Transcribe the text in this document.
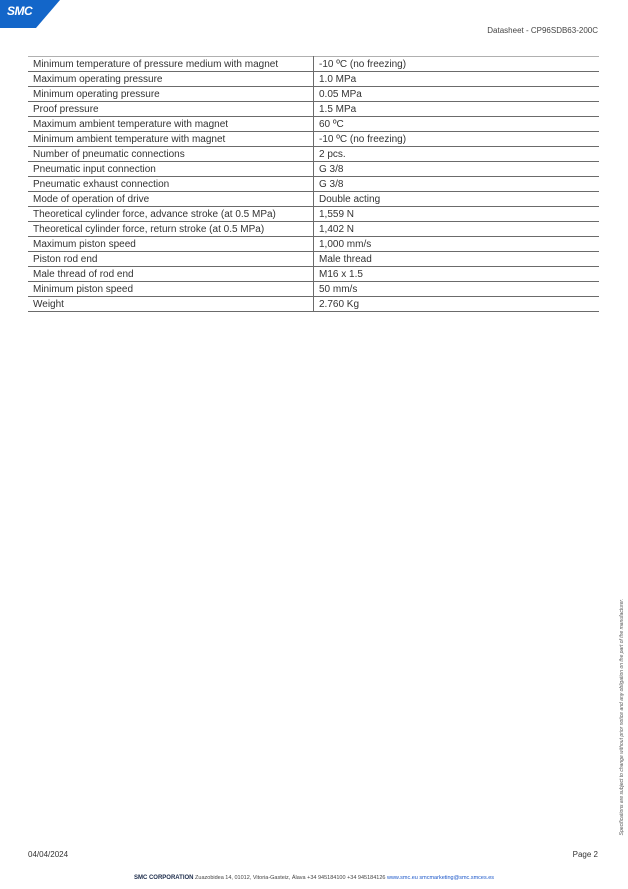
SMC
Datasheet - CP96SDB63-200C
Minimum temperature of pressure medium with magnet	-10 ºC (no freezing)
Maximum operating pressure	1.0 MPa
Minimum operating pressure	0.05 MPa
Proof pressure	1.5 MPa
Maximum ambient temperature with magnet	60 ºC
Minimum ambient temperature with magnet	-10 ºC (no freezing)
Number of pneumatic connections	2 pcs.
Pneumatic input connection	G 3/8
Pneumatic exhaust connection	G 3/8
Mode of operation of drive	Double acting
Theoretical cylinder force, advance stroke (at 0.5 MPa)	1,559 N
Theoretical cylinder force, return stroke (at 0.5 MPa)	1,402 N
Maximum piston speed	1,000 mm/s
Piston rod end	Male thread
Male thread of rod end	M16 x 1.5
Minimum piston speed	50 mm/s
Weight	2.760 Kg
Specifications are subject to change without prior notice and any obligation on the part of the manufacturer.
04/04/2024	Page 2
SMC CORPORATION Zuazobidea 14, 01012, Vitoria-Gasteiz, Álava +34 945184100 +34 945184126 www.smc.eu smcmarketing@smc.smces.es
